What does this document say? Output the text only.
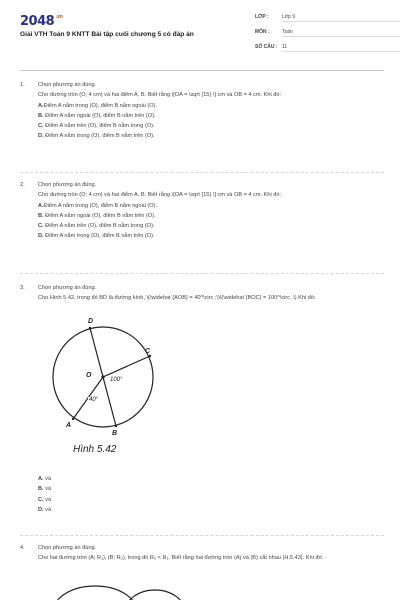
$2048^{.vn}$
Giải VTH Toán 9 KNTT Bài tập cuối chương 5 có đáp án
LỚP :	Lớp 9
MÔN : Toán
SỐ CÂU : 11
1. Chọn phương án đúng.
Cho đường tròn (O; 4 cm) và hai điểm A, B. Biết rằng \[OA = \sqrt {15} \] cm và OB = 4 cm. Khi đó:
A.Điểm A nằm trong (O), điểm B nằm ngoài (O).
B. Điểm A nằm ngoài (O), điểm B nằm trên (O).
C. Điểm A nằm trên (O), điểm B nằm trong (O).
D. Điểm A nằm trong (O), điểm B nằm trên (O).
2. Chọn phương án đúng.
Cho đường tròn (O; 4 cm) và hai điểm A, B. Biết rằng \[OA = \sqrt {15} \] cm và OB = 4 cm. Khi đó:
A.Điểm A nằm trong (O), điểm B nằm ngoài (O).
B. Điểm A nằm ngoài (O), điểm B nằm trên (O).
C. Điểm A nằm trên (O), điểm B nằm trong (O).
D. Điểm A nằm trong (O), điểm B nằm trên (O).
3. Chọn phương án đúng.
Cho Hình 5.42, trong đó BD là đường kính, \(\widehat {AOB} = 40^\circ ;\)\(\widehat {BOC} = 100^\circ .\) Khi đó:
D
C
O
A
B
100°
40°
Hình 5.42
A. và
B. và
C. và
D. và
4. Chọn phương án đúng.
Cho hai đường tròn (A; R₁), (B; R₂), trong đó R₂ < R₁. Biết rằng hai đường tròn (A) và (B) cắt nhau (H.5.43). Khi đó:
